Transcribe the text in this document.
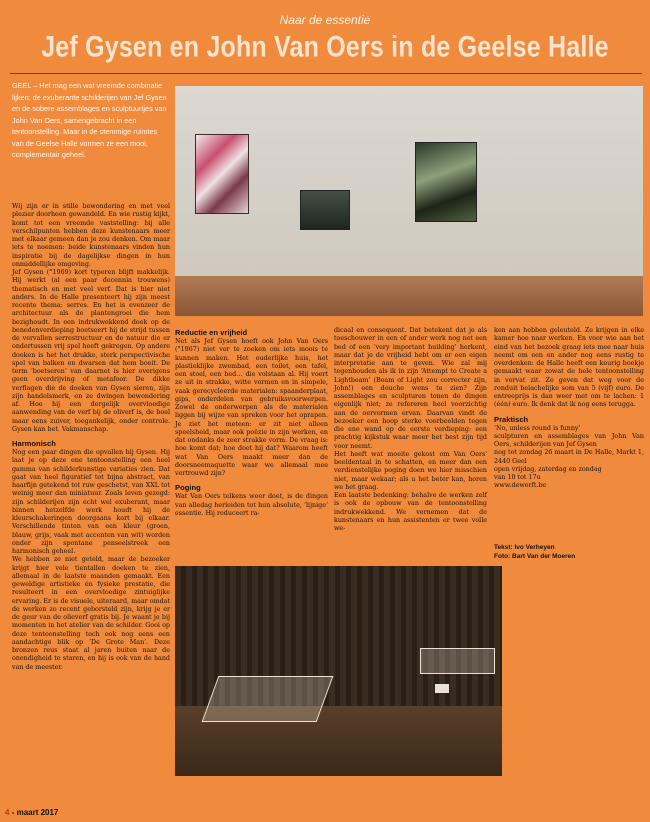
Naar de essentie
Jef Gysen en John Van Oers in de Geelse Halle
GEEL – Het mag een wat vreemde combinatie lijken: de exuberante schilderijen van Jef Gysen en de sobere assemblages en sculptuurtjes van John Van Oers, samengebracht in een tentoonstelling. Maar in de stemmige ruimtes van de Geelse Halle vormen ze een mooi, complementair geheel.

Wij zijn er in stille bewondering en met veel plezier doorheen gewandeld. En wie rustig kijkt, komt tot een vreemde vaststelling: bij alle verschilpunten hebben deze kunstenaars meer met elkaar gemeen dan je zou denken. Om maar iets te noemen: beide kunstenaars vinden hun inspiratie bij de dagelijkse dingen in hun onmiddellijke omgeving.

Jef Gysen (°1969) kort typeren blijft makkelijk. Hij werkt (al een paar decennia trouwens) thematisch en met veel verf. Dat is hier niet anders. In de Halle presenteert hij zijn meest recente thema: serres. En het is evenzeer de architectuur als de plantengroei die hem bezighoudt. In een indrukwekkend doek op de benedenverdieping boetseert hij de strijd tussen de vervallen serrestructuur en de natuur die er ondertussen vrij spel heeft gekregen. Op andere doeken is het het drukke, sterk perspectivische spel van balken en dwarsen dat hem boeit. De term ‘boetseren’ van daarnet is hier overigens geen overdrijving of metafoor. De dikke verflagen die de doeken van Gysen sieren, zijn zijn handelsmerk, en ze dwingen bewondering af. Hoe hij een dergelijk overvloedige aanwending van de verf bij de oliverf is, de boel maar eens zuiver, toegankelijk, onder controle. Gysen kan het. Vakmanschap.

Harmonisch

Nog een paar dingen die opvallen bij Gysen. Hij laat je op deze ene tentoonstelling een heel gamma van schilderkunstige variaties zien. Dat gaat van heel figuratief tot bijna abstract, van haarfijn getekend tot ruw geschetst, van XXL tot weinig meer dan miniatuur. Zoals leven gezegd: zijn schilderijen zijn echt wel exuberant, maar binnen hetzelfde werk houdt hij de kleurschakeringen doorgaans kort bij elkaar. Verschillende tinten van een kleur (groen, blauw, grijs, vaak met accenten van wit) worden onder zijn spontane penseelstreek een harmonisch geheel.

We hebben ze niet geteld, maar de bezoeker krijgt hier vele tientallen doeken te zien, allemaal in de laatste maanden gemaakt. Een geweldige artistieke én fysieke prestatie, die resulteert in een overvloedige zintuiglijke ervaring. Er is de visuele, uiteraard, maar omdat de werken zo recent geborsteld zijn, krijg je er de geur van de olieverf gratis bij. Je waant je bij momenten in het atelier van de schilder. Gooi op deze tentoonstelling toch ook nog eens een aandachtige blik op ‘De Grote Man’. Deze bronzen reus staat al jaren buiten naar de onendigheid te staren, en hij is ook van de hand van de meester.

Reductie en vrijheid

Net als Jef Gysen hoeft ook John Van Oers (°1967) niet ver te zoeken om iets moois te kunnen maken. Het ouderlijke huis, het plastieklijke zwembad, een toilet, een tafel, een stoel, een bed… die volstaan al. Hij voert ze uit in strakke, witte vormen en in simpele, vaak gerecycleerde materialen: spaanderplaat, gips, onderdelen van gebruiksvoorwerpen. Zowel de onderwerpen als de materialen liggen bij wijze van spreken voor het oprapen. Je ziet het meteen: er zit niet alleen speelsheid, maar ook poëzie in zijn werken, en dat ondanks de zeer strakke vorm. De vraag is: hoe komt dat; hoe doet hij dat? Waarom heeft wat Van Oers maakt meer dan de doorsneemaquette waar we allemaal mee vertrouwd zijn?

Poging

Wat Van Oers telkens weer doet, is de dingen van alledag herleiden tot hun absolute, ‘lijnige’ essentie. Hij reduceert ra-

dicaal en consequent. Dat betekent dat je als toeschouwer in een of ander werk nog net een bed of een ‘very important building’ herkent, maar dat je de vrijheid hebt om er een eigen interpretatie aan te geven. Wie zal mij tegenhouden als ik in zijn ‘Attempt to Create a Lightbeam’ (Beam of Light zou correcter zijn, John!) een douche wens te zien? Zijn assemblages en sculpturen tonen de dingen eigenlijk niet; ze refereren heel voorzichtig aan de oervormen ervan. Daarvan vindt de bezoeker een hoop sterke voorbeelden tegen die ene wand op de eerste verdieping: een prachtig kijkstuk waar meer het best zijn tijd voor neemt.

Het heeft wat moeite gekost om Van Oers' beeldentaal in te schatten, en meer dan een verdienstelijke poging doen we hier misschien niet, maar wekaar; als u het beter kan, horen we het graag.

Een laatste bedenking: behalve de werken zelf is ook de opbouw van de tentoonstelling indrukwekkend. We vernemen dat de kunstenaars en hun assistenten er twee volle we-

ken aan hebben geleuteld. Ze krijgen in elke kamer hoe naar werken. En voor wie aan het eind van het bezoek graag iets mee naar huis neemt om een en ander nog eens rustig te overdenken: de Halle heeft een keurig boekje gemaakt waar zowat de hele tentoonstelling in vervat zit. Ze geven dat weg voor de ronduit belachelijke som van 5 (vijf) euro. De entreeprijs is dan weer met om te lachen: 1 (één) euro. Ik denk dat ik nog eens terugga.

Praktisch

‘No, unless round is funny’

sculpturen en assemblages van John Van Oers, schilderijen van Jef Gysen

nog tot zondag 26 maart in De Halle, Markt 1, 2440 Geel

open vrijdag, zaterdag en zondag

van 10 tot 17u

www.dewerft.be

Tekst: Ivo Verheyen
Foto: Bart Van der Moeren
4 - maart 2017
